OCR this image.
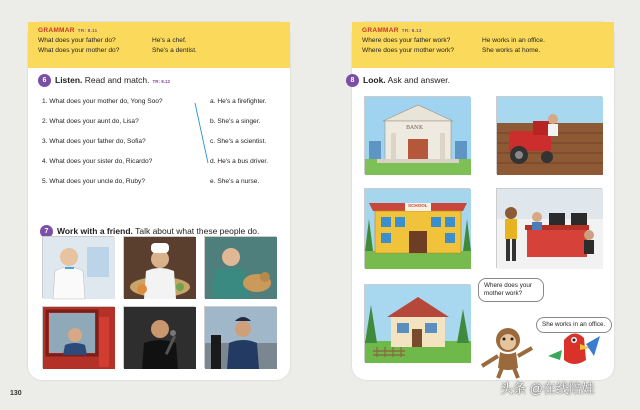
GRAMMAR TR: 8.11
What does your father do?	He's a chef.
What does your mother do?	She's a dentist.
6 Listen. Read and match. TR: 8.12
1. What does your mother do, Yong Soo?	a. He's a firefighter.
2. What does your aunt do, Lisa?	b. She's a singer.
3. What does your father do, Sofia?	c. She's a scientist.
4. What does your sister do, Ricardo?	d. He's a bus driver.
5. What does your uncle do, Ruby?	e. She's a nurse.
7 Work with a friend. Talk about what these people do.
130
GRAMMAR TR: 8.13
Where does your father work?	He works in an office.
Where does your mother work?	She works at home.
8 Look. Ask and answer.
BANK
SCHOOL
Where does your mother work?
She works in an office.
头条 @在线陪娃
